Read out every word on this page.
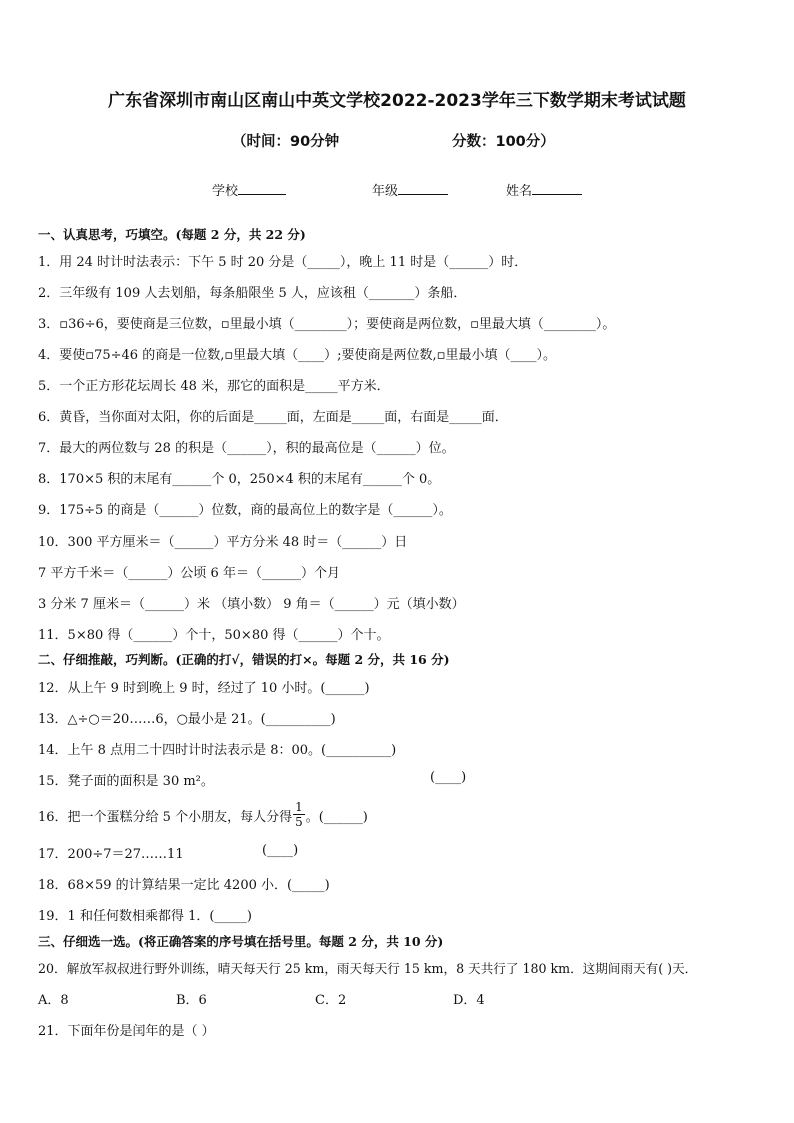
广东省深圳市南山区南山中英文学校2022-2023学年三下数学期末考试试题
（时间：90分钟	分数：100分）
学校	年级	姓名
一、认真思考，巧填空。(每题 2 分，共 22 分)
1．用 24 时计时法表示：下午 5 时 20 分是（_____），晚上 11 时是（______）时．
2．三年级有 109 人去划船，每条船限坐 5 人，应该租（_______）条船．
3．▫36÷6，要使商是三位数，▫里最小填（________）；要使商是两位数，▫里最大填（________）。
4．要使▫75÷46 的商是一位数,▫里最大填（____）;要使商是两位数,▫里最小填（____）。
5．一个正方形花坛周长 48 米，那它的面积是_____平方米．
6．黄昏，当你面对太阳，你的后面是_____面，左面是_____面，右面是_____面．
7．最大的两位数与 28 的积是（______），积的最高位是（______）位。
8．170×5 积的末尾有______个 0，250×4 积的末尾有______个 0。
9．175÷5 的商是（______）位数，商的最高位上的数字是（______）。
10．300 平方厘米＝（______）平方分米 48 时＝（______）日
7 平方千米＝（______）公顷 6 年＝（______）个月
3 分米 7 厘米＝（______）米 （填小数） 9 角＝（______）元（填小数）
11．5×80 得（______）个十，50×80 得（______）个十。
二、仔细推敲，巧判断。(正确的打√，错误的打×。每题 2 分，共 16 分)
12．从上午 9 时到晚上 9 时，经过了 10 小时。(______)
13．△÷○＝20……6，○最小是 21。(__________)
14．上午 8 点用二十四时计时法表示是 8：00。(__________)
15．凳子面的面积是 30 m²。	(____)
16．把一个蛋糕分给 5 个小朋友，每人分得 $\frac{1}{5}$ 。(______)
17．200÷7＝27……11	(____)
18．68×59 的计算结果一定比 4200 小．(_____)
19．1 和任何数相乘都得 1．(_____)
三、仔细选一选。(将正确答案的序号填在括号里。每题 2 分，共 10 分)
20．解放军叔叔进行野外训练，晴天每天行 25 km，雨天每天行 15 km，8 天共行了 180 km．这期间雨天有( )天．
A．8	B．6	C．2	D．4
21．下面年份是闰年的是（ ）
